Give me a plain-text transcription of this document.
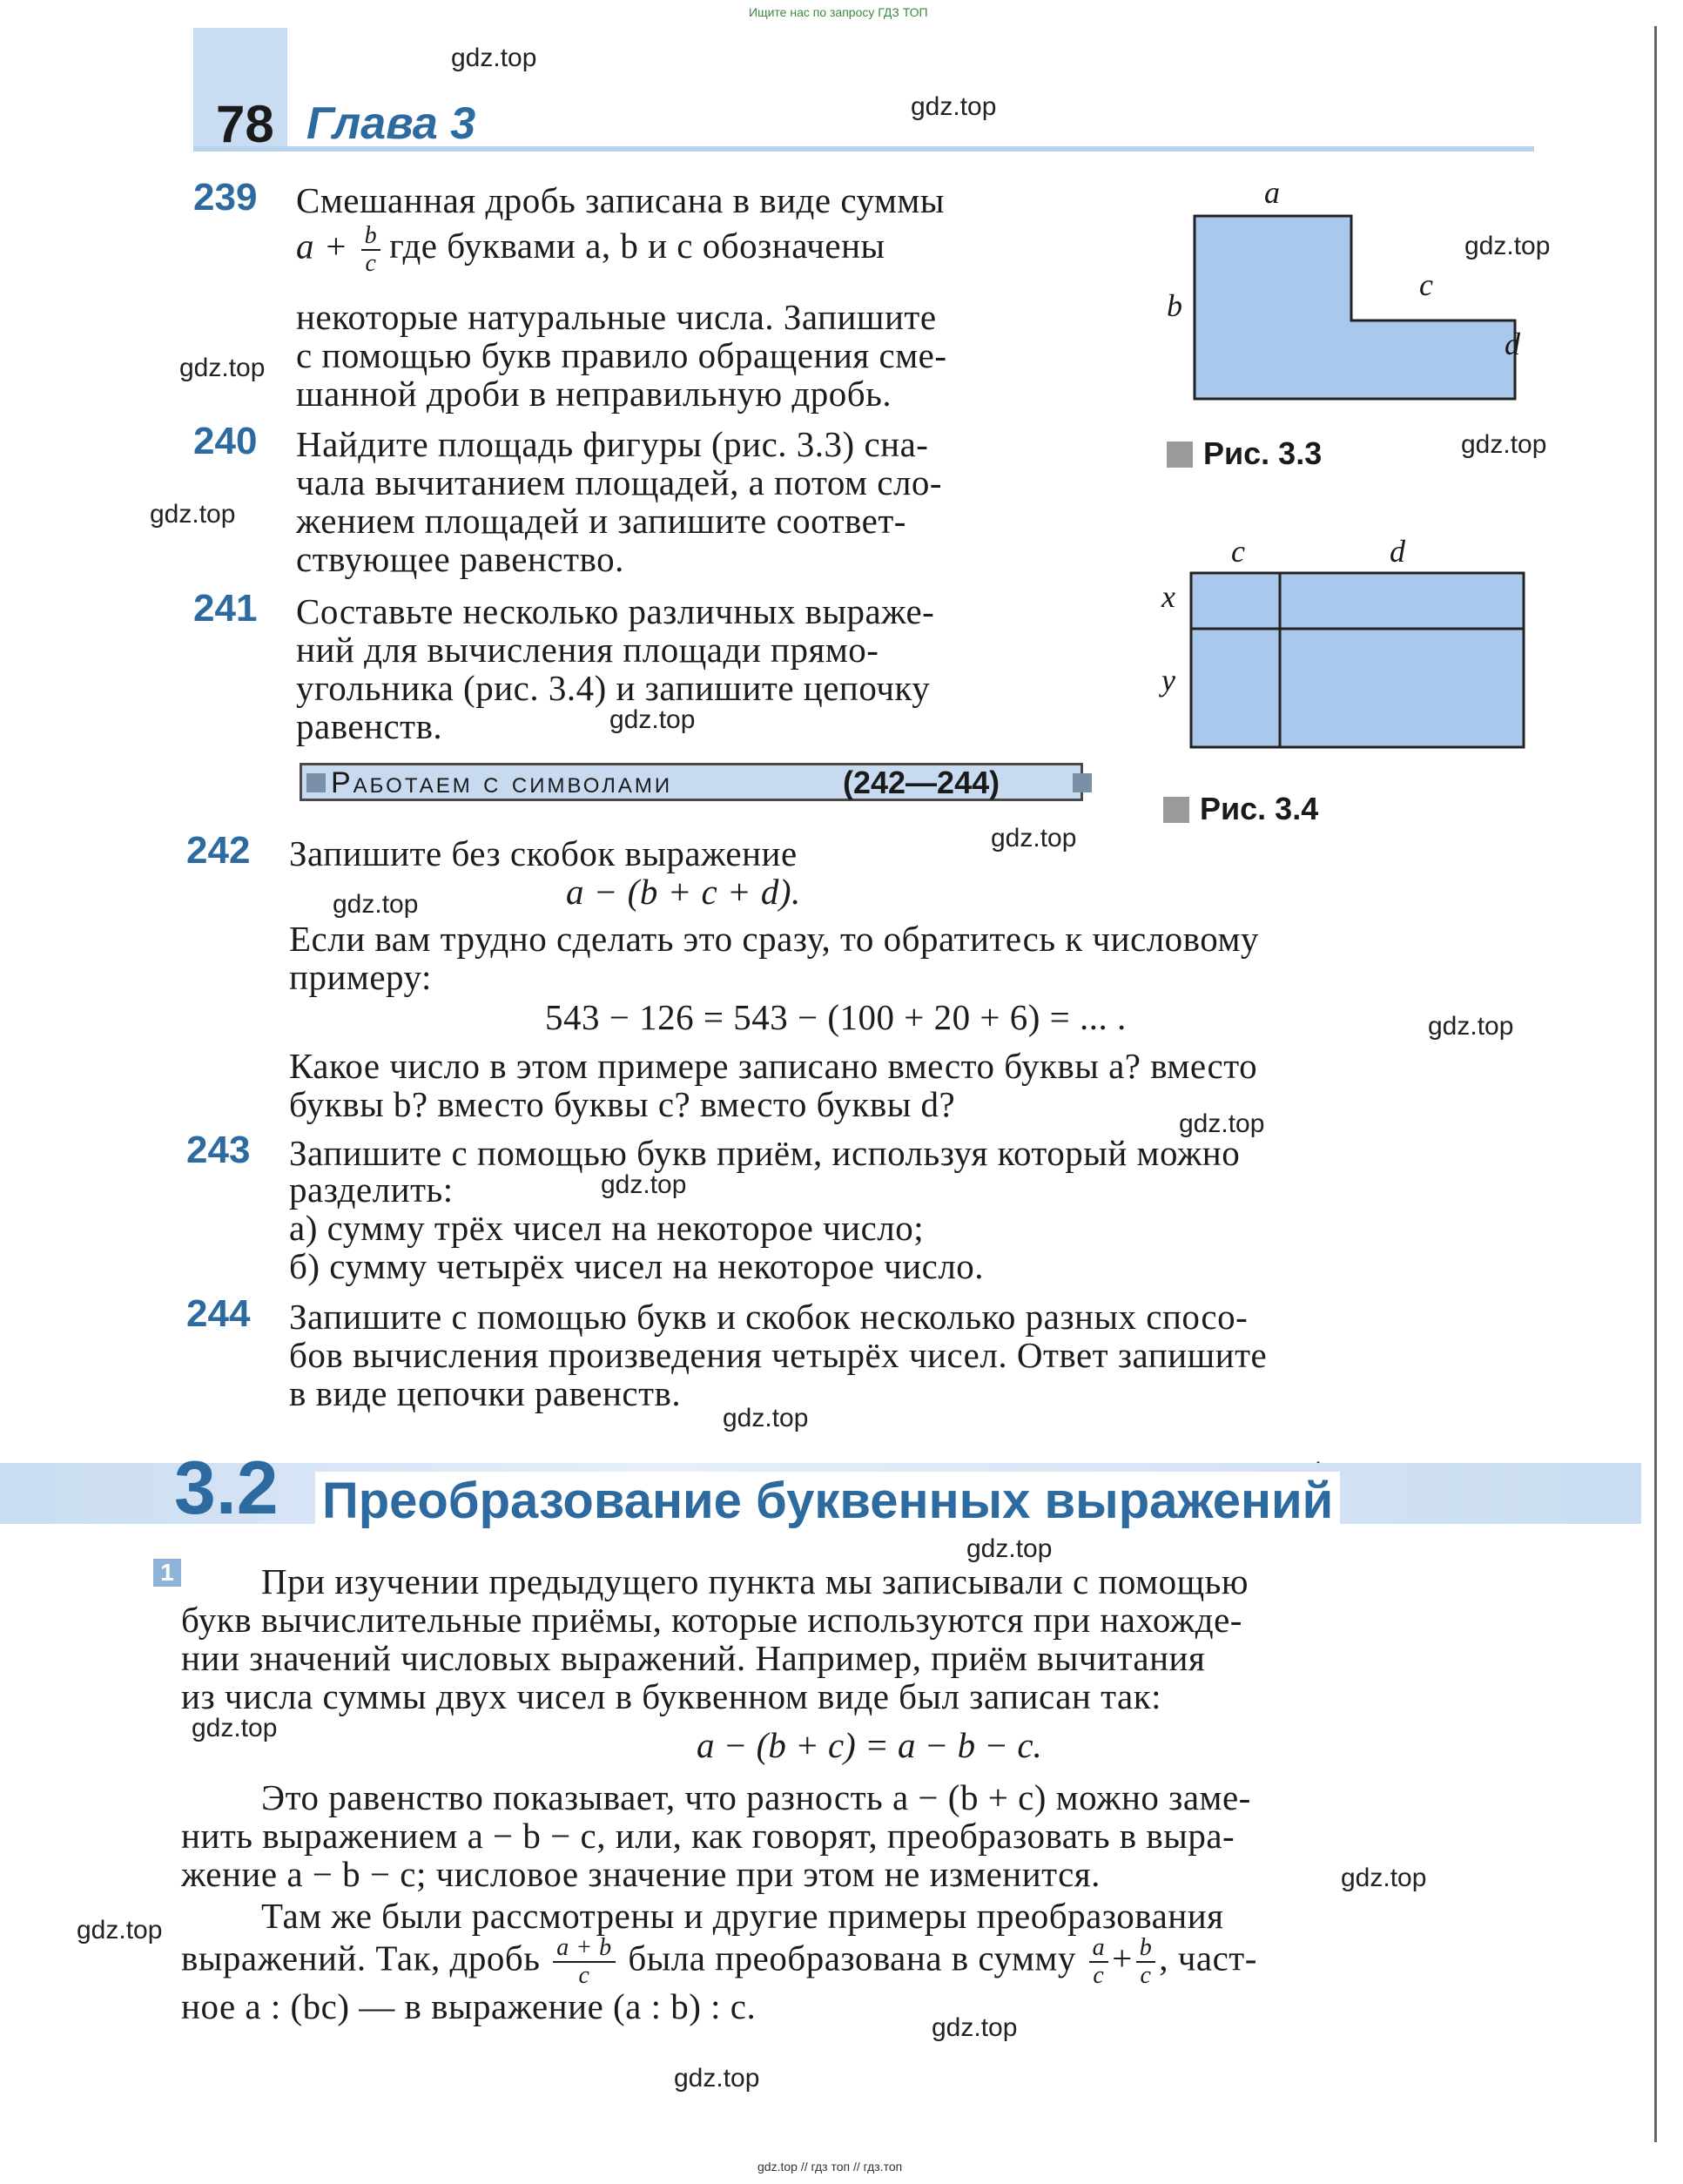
Ищите нас по запросу ГДЗ ТОП
78 Глава 3
gdz.top
gdz.top
gdz.top
gdz.top
gdz.top
gdz.top
gdz.top
gdz.top
gdz.top
gdz.top
gdz.top
gdz.top
gdz.top
gdz.top
gdz.top
gdz.top
gdz.top
gdz.top
gdz.top
239 Смешанная дробь записана в виде суммы
$a + \frac{b}{c}$ где буквами a, b и c обозначены
некоторые натуральные числа. Запишите
с помощью букв правило обращения сме-
шанной дроби в неправильную дробь.
240 Найдите площадь фигуры (рис. 3.3) сна-
чала вычитанием площадей, а потом сло-
жением площадей и запишите соответ-
ствующее равенство.
241 Составьте несколько различных выраже-
ний для вычисления площади прямо-
угольника (рис. 3.4) и запишите цепочку
равенств.
a
b
c
d
Рис. 3.3
c	d
x
y
Рис. 3.4
Работаем с символами	(242—244)
242 Запишите без скобок выражение
a − (b + c + d).
Если вам трудно сделать это сразу, то обратитесь к числовому
примеру:
543 − 126 = 543 − (100 + 20 + 6) = ... .
Какое число в этом примере записано вместо буквы a? вместо
буквы b? вместо буквы c? вместо буквы d?
243 Запишите с помощью букв приём, используя который можно
разделить:
а) сумму трёх чисел на некоторое число;
б) сумму четырёх чисел на некоторое число.
244 Запишите с помощью букв и скобок несколько разных спосо-
бов вычисления произведения четырёх чисел. Ответ запишите
в виде цепочки равенств.
3.2 Преобразование буквенных выражений
1 При изучении предыдущего пункта мы записывали с помощью
букв вычислительные приёмы, которые используются при нахожде-
нии значений числовых выражений. Например, приём вычитания
из числа суммы двух чисел в буквенном виде был записан так:
a − (b + c) = a − b − c.
Это равенство показывает, что разность a − (b + c) можно заме-
нить выражением a − b − c, или, как говорят, преобразовать в выра-
жение a − b − c; числовое значение при этом не изменится.
Там же были рассмотрены и другие примеры преобразования
выражений. Так, дробь $\frac{a + b}{c}$ была преобразована в сумму $\frac{a}{c} + \frac{b}{c}$ , част-
ное a : (bc) — в выражение (a : b) : c.
gdz.top // гдз топ // гдз.топ
